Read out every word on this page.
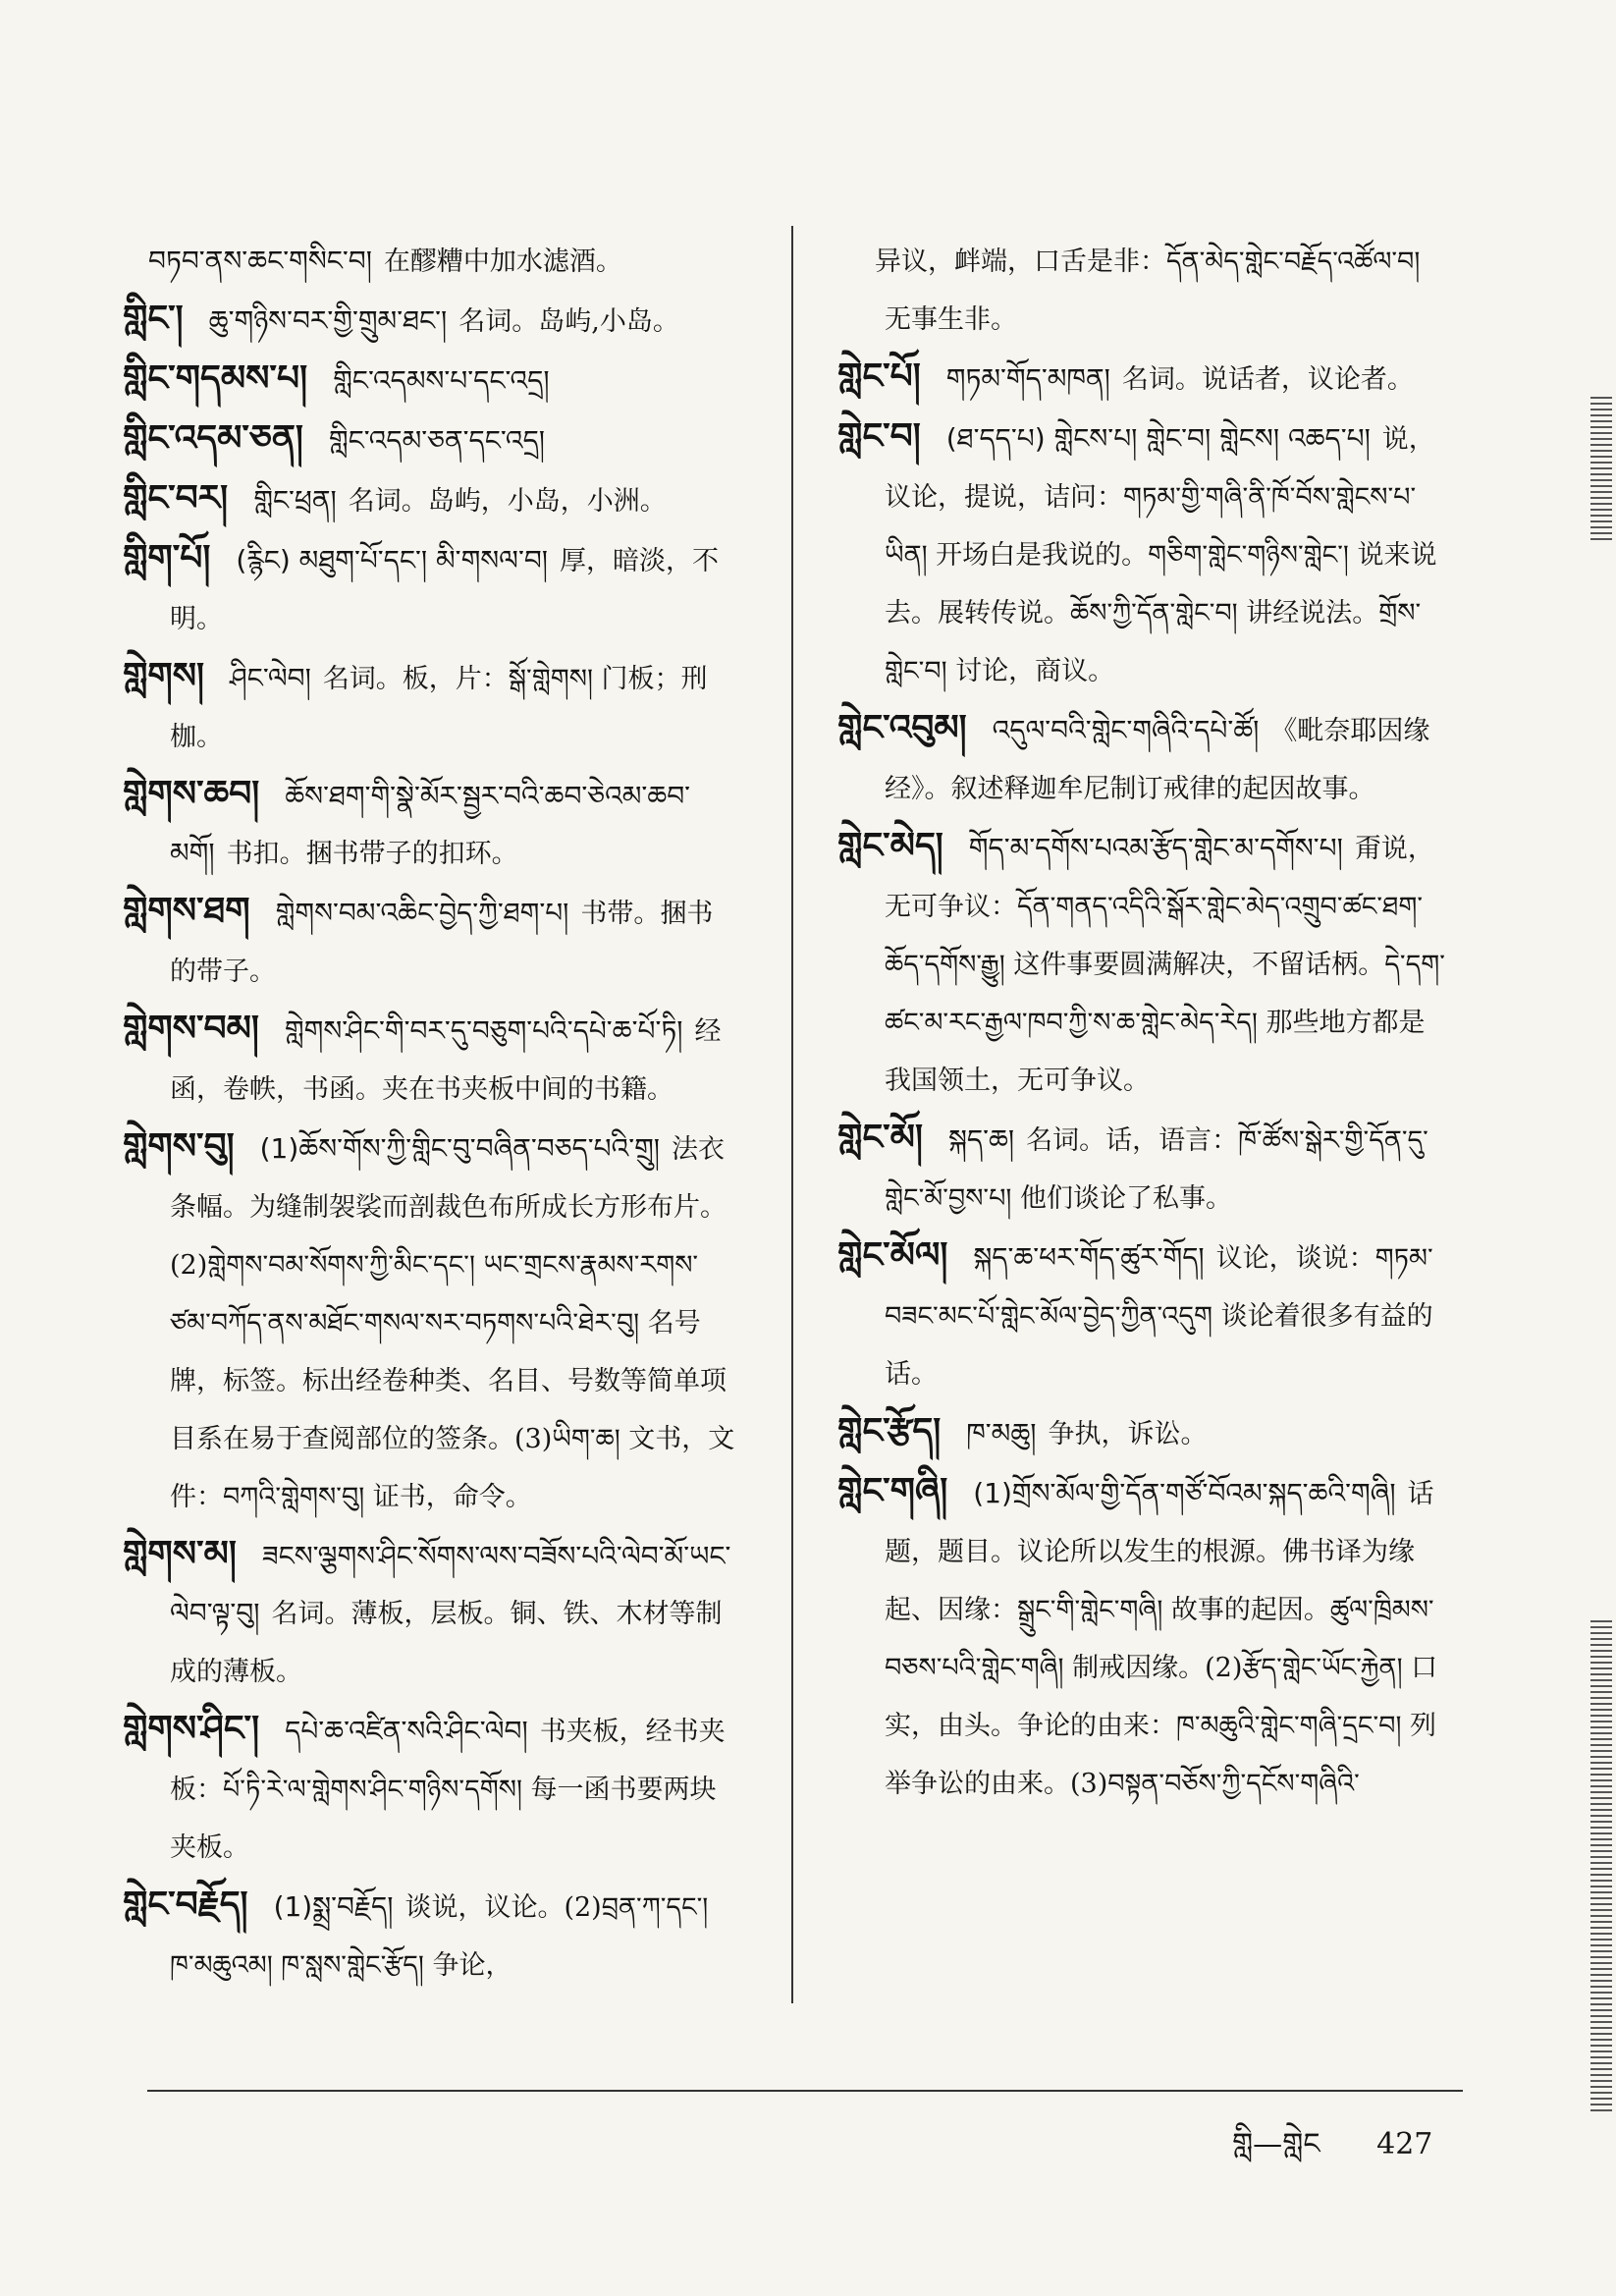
བཏབ་ནས་ཆང་གསིང་བ། 在醪糟中加水滤酒。

གླིང་། ཆུ་གཉིས་བར་གྱི་གྲུམ་ཐང་། 名词。岛屿,小岛。

གླིང་གདམས་པ། གླིང་འདམས་པ་དང་འདྲ།

གླིང་འདམ་ཅན། གླིང་འདམ་ཅན་དང་འདྲ།

གླིང་བར། གླིང་ཕྲན། 名词。岛屿，小岛，小洲。

གླིག་པོ། (རྙིང) མཐུག་པོ་དང་། མི་གསལ་བ། 厚，暗淡，不明。

གླེགས། ཤིང་ལེབ། 名词。板，片：སྒོ་གླེགས། 门板；刑枷。

གླེགས་ཆབ། ཆོས་ཐག་གི་སྣེ་མོར་སྦྱར་བའི་ཆབ་ཅེའམ་ཆབ་མགོ། 书扣。捆书带子的扣环。

གླེགས་ཐག གླེགས་བམ་འཆིང་བྱེད་ཀྱི་ཐག་པ། 书带。捆书的带子。

གླེགས་བམ། གླེགས་ཤིང་གི་བར་དུ་བཅུག་པའི་དཔེ་ཆ་པོ་ཏི། 经函，卷帙，书函。夹在书夹板中间的书籍。

གླེགས་བུ། (1)ཆོས་གོས་ཀྱི་གླིང་བུ་བཞིན་བཅད་པའི་གྲུ། 法衣条幅。为缝制袈裟而剖裁色布所成长方形布片。(2)གླེགས་བམ་སོགས་ཀྱི་མིང་དང་། ཡང་གྲངས་རྣམས་རགས་ཙམ་བཀོད་ནས་མཐོང་གསལ་སར་བཏགས་པའི་ཐེར་བུ། 名号牌，标签。标出经卷种类、名目、号数等简单项目系在易于查阅部位的签条。(3)ཡིག་ཆ། 文书，文件：བཀའི་གླེགས་བུ། 证书，命令。

གླེགས་མ། ཟངས་ལྕགས་ཤིང་སོགས་ལས་བཟོས་པའི་ལེབ་མོ་ཡང་ལེབ་ལྟ་བུ། 名词。薄板，层板。铜、铁、木材等制成的薄板。

གླེགས་ཤིང་། དཔེ་ཆ་འཛིན་སའི་ཤིང་ལེབ། 书夹板，经书夹板：པོ་ཏི་རེ་ལ་གླེགས་ཤིང་གཉིས་དགོས། 每一函书要两块夹板。

གླེང་བརྗོད། (1)སྨྲ་བརྗོད། 谈说，议论。(2)བྲན་ཀ་དང་། ཁ་མཆུའམ། ཁ་སླས་གླེང་རྩོད། 争论，

异议，衅端，口舌是非：དོན་མེད་གླེང་བརྗོད་འཚོལ་བ། 无事生非。

གླེང་པོ། གཏམ་གོད་མཁན། 名词。说话者，议论者。

གླེང་བ། (ཐ་དད་པ) གླེངས་པ། གླེང་བ། གླེངས། འཆད་པ། 说，议论，提说，诘问：གཏམ་གྱི་གཞི་ནི་ཁོ་བོས་གླེངས་པ་ཡིན། 开场白是我说的。གཅིག་གླེང་གཉིས་གླེང་། 说来说去。展转传说。ཆོས་ཀྱི་དོན་གླེང་བ། 讲经说法。གྲོས་གླེང་བ། 讨论，商议。

གླེང་འབུམ། འདུལ་བའི་གླེང་གཞིའི་དཔེ་ཚོ། 《毗奈耶因缘经》。叙述释迦牟尼制订戒律的起因故事。

གླེང་མེད། གོད་མ་དགོས་པའམ་རྩོད་གླེང་མ་དགོས་པ། 甭说，无可争议：དོན་གནད་འདིའི་སྒོར་གླེང་མེད་འགྲུབ་ཚང་ཐག་ཆོད་དགོས་རྒྱུ། 这件事要圆满解决，不留话柄。དེ་དག་ཚང་མ་རང་རྒྱལ་ཁབ་ཀྱི་ས་ཆ་གླེང་མེད་རེད། 那些地方都是我国领土，无可争议。

གླེང་མོ། སྐད་ཆ། 名词。话，语言：ཁོ་ཚོས་སྒེར་གྱི་དོན་དུ་གླེང་མོ་བྱས་པ། 他们谈论了私事。

གླེང་མོལ། སྐད་ཆ་ཕར་གོད་ཚུར་གོད། 议论，谈说：གཏམ་བཟང་མང་པོ་གླེང་མོལ་བྱེད་ཀྱིན་འདུག 谈论着很多有益的话。

གླེང་རྩོད། ཁ་མཆུ། 争执，诉讼。

གླེང་གཞི། (1)གྲོས་མོལ་གྱི་དོན་གཙོ་བོའམ་སྐད་ཆའི་གཞི། 话题，题目。议论所以发生的根源。佛书译为缘起、因缘：སྒྲུང་གི་གླེང་གཞི། 故事的起因。ཚུལ་ཁྲིམས་བཅས་པའི་གླེང་གཞི། 制戒因缘。(2)རྩོད་གླེང་ཡོང་རྐྱེན། 口实，由头。争论的由来：ཁ་མཆུའི་གླེང་གཞི་དྲང་བ། 列举争讼的由来。(3)བསྟན་བཅོས་ཀྱི་དངོས་གཞིའི་

གླི—གླེང 427
